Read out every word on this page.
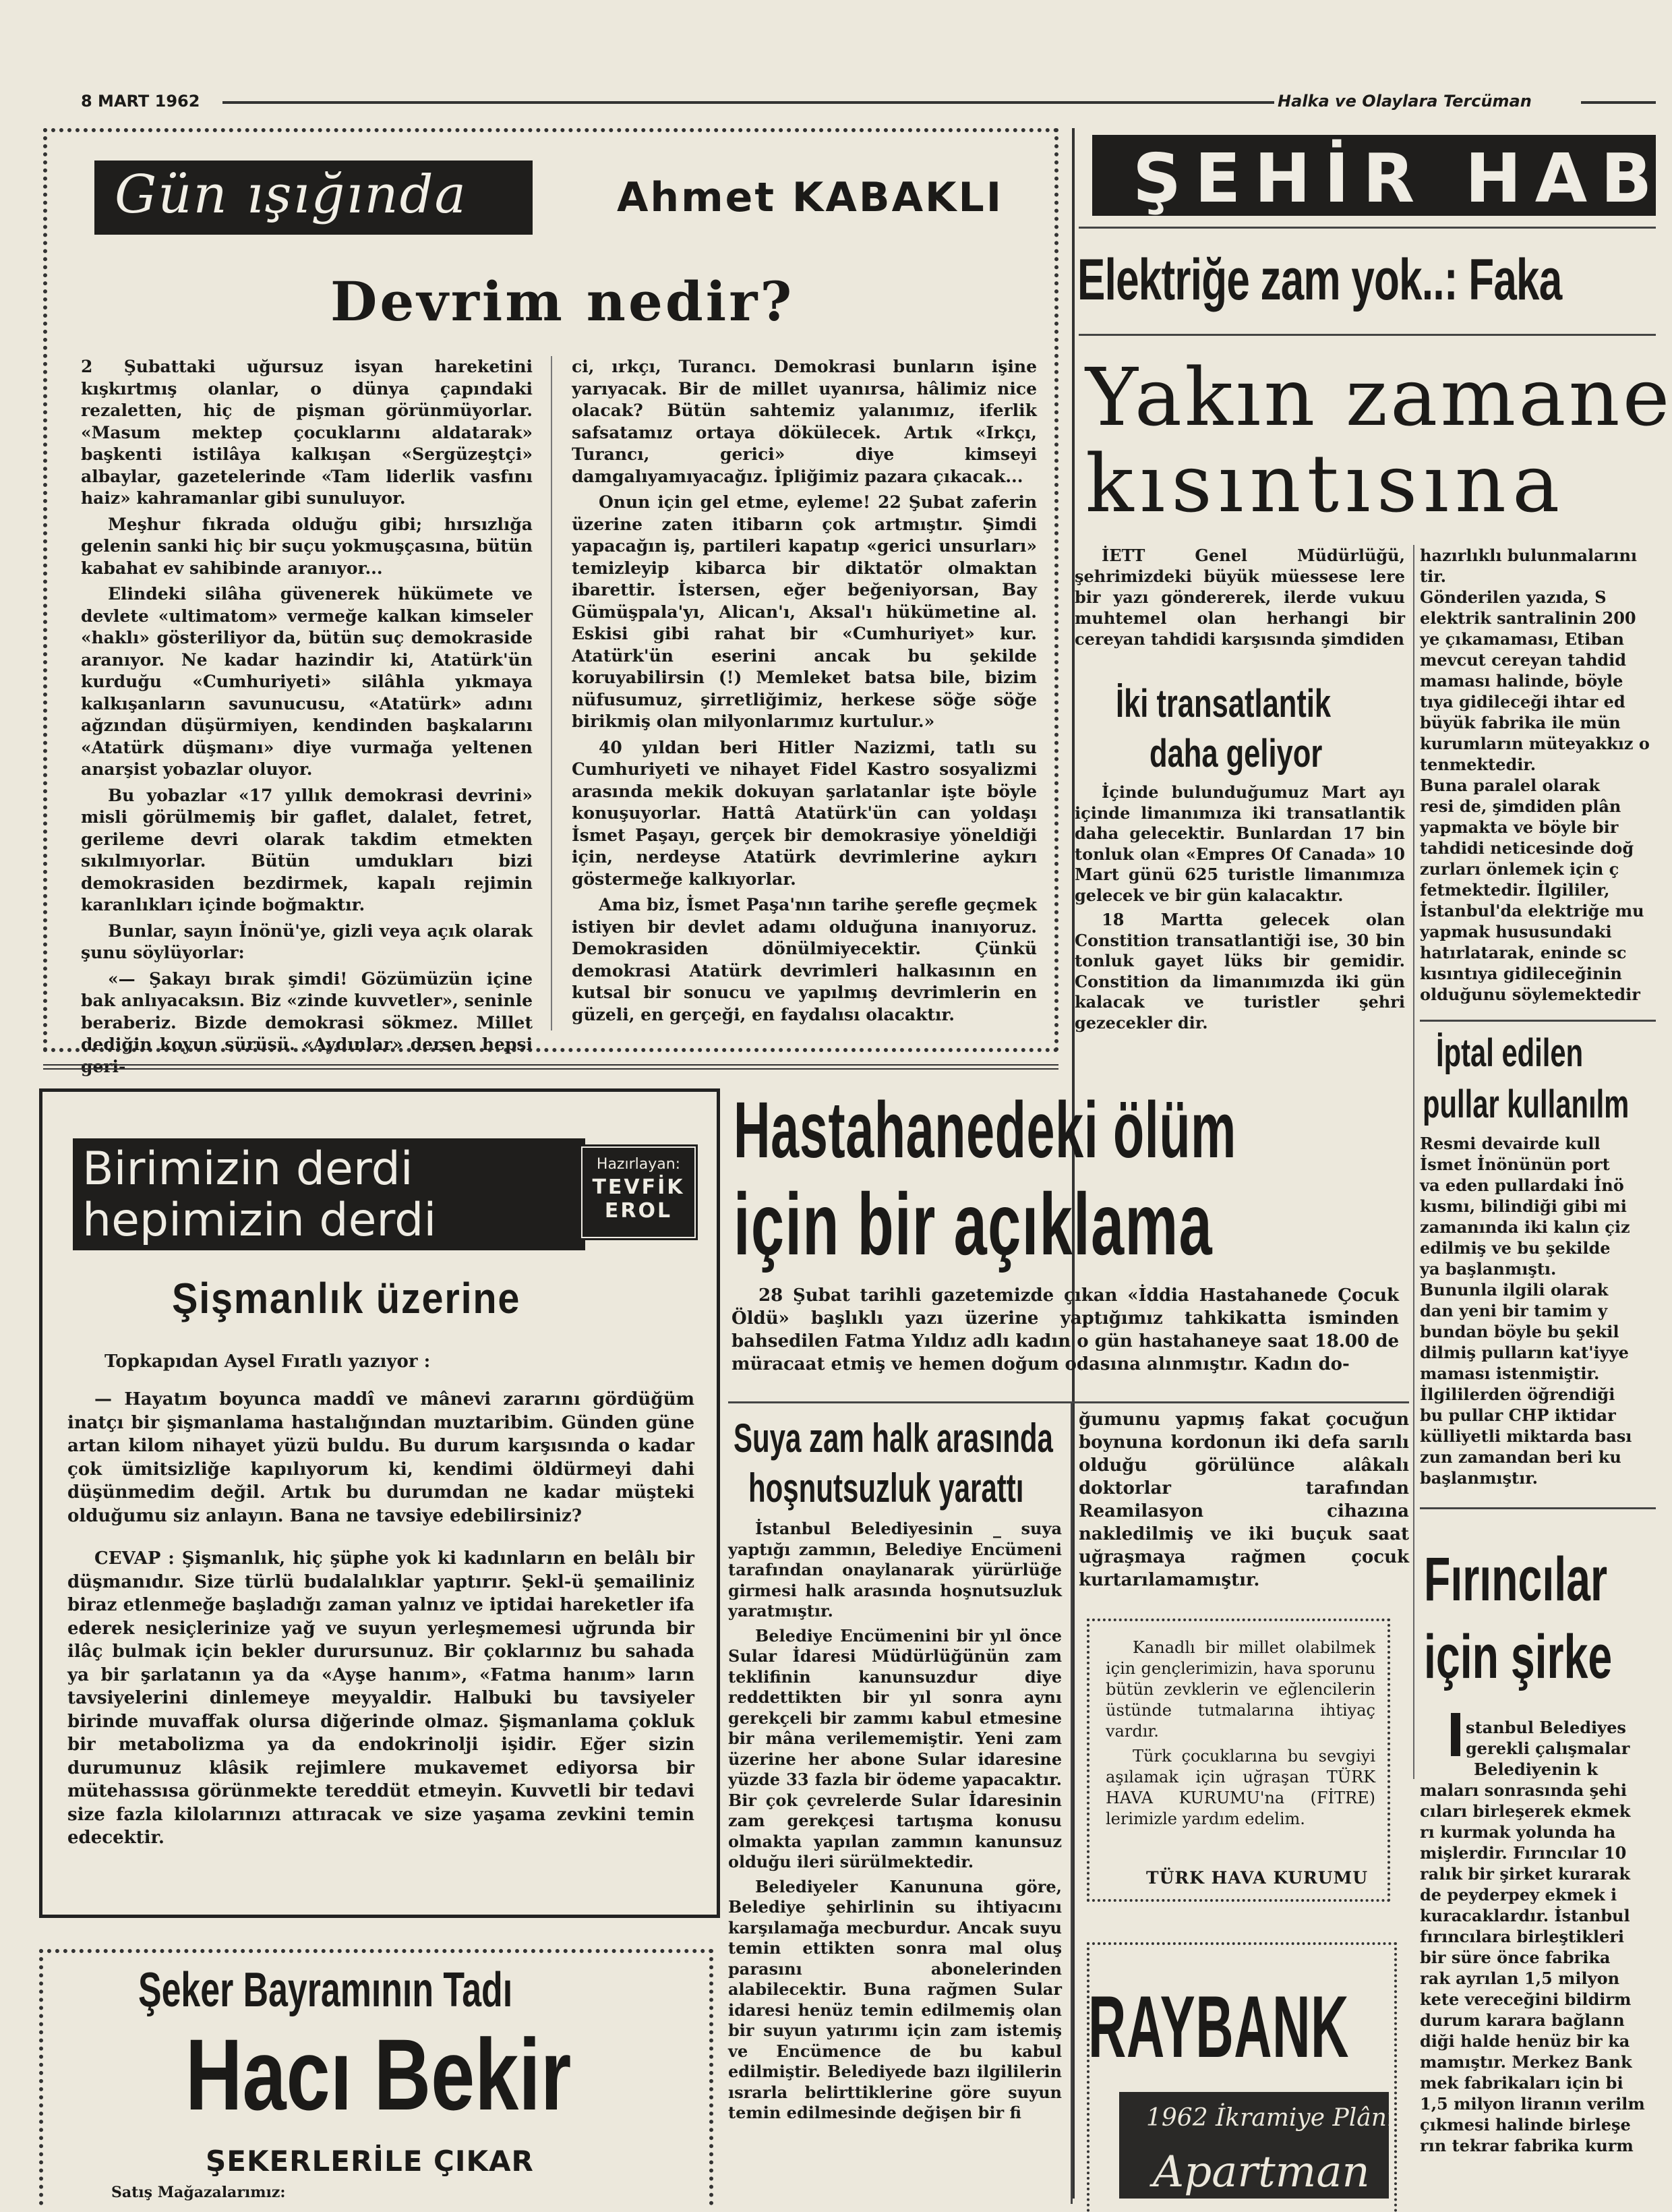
8 MART 1962	Halka ve Olaylara Tercüman
Gün ışığında	Ahmet KABAKLI
Devrim nedir?

2 Şubattaki uğursuz isyan hareketini kışkırtmış olanlar, o dünya çapındaki rezaletten, hiç de pişman görünmüyorlar. «Masum mektep çocuklarını aldatarak» başkenti istilâya kalkışan «Sergüzeştçi» albaylar, gazetelerinde «Tam liderlik vasfını haiz» kahramanlar gibi sunuluyor.

Meşhur fıkrada olduğu gibi; hırsızlığa gelenin sanki hiç bir suçu yokmuşçasına, bütün kabahat ev sahibinde aranıyor...

Elindeki silâha güvenerek hükümete ve devlete «ultimatom» vermeğe kalkan kimseler «haklı» gösteriliyor da, bütün suç demokraside aranıyor. Ne kadar hazindir ki, Atatürk'ün kurduğu «Cumhuriyeti» silâhla yıkmaya kalkışanların savunucusu, «Atatürk» adını ağzından düşürmiyen, kendinden başkalarını «Atatürk düşmanı» diye vurmağa yeltenen anarşist yobazlar oluyor.

Bu yobazlar «17 yıllık demokrasi devrini» misli görülmemiş bir gaflet, dalalet, fetret, gerileme devri olarak takdim etmekten sıkılmıyorlar. Bütün umdukları bizi demokrasiden bezdirmek, kapalı rejimin karanlıkları içinde boğmaktır.

Bunlar, sayın İnönü'ye, gizli veya açık olarak şunu söylüyorlar:

«— Şakayı bırak şimdi! Gözümüzün içine bak anlıyacaksın. Biz «zinde kuvvetler», seninle beraberiz. Bizde demokrasi sökmez. Millet dediğin koyun sürüsü. «Aydınlar» dersen hepsi geri-

ci, ırkçı, Turancı. Demokrasi bunların işine yarıyacak. Bir de millet uyanırsa, hâlimiz nice olacak? Bütün sahtemiz yalanımız, iferlik safsatamız ortaya dökülecek. Artık «Irkçı, Turancı, gerici» diye kimseyi damgalıyamıyacağız. İpliğimiz pazara çıkacak...

Onun için gel etme, eyleme! 22 Şubat zaferin üzerine zaten itibarın çok artmıştır. Şimdi yapacağın iş, partileri kapatıp «gerici unsurları» temizleyip kibarca bir diktatör olmaktan ibarettir. İstersen, eğer beğeniyorsan, Bay Gümüşpala'yı, Alican'ı, Aksal'ı hükümetine al. Eskisi gibi rahat bir «Cumhuriyet» kur. Atatürk'ün eserini ancak bu şekilde koruyabilirsin (!) Memleket batsa bile, bizim nüfusumuz, şirretliğimiz, herkese söğe söğe birikmiş olan milyonlarımız kurtulur.»

40 yıldan beri Hitler Nazizmi, tatlı su Cumhuriyeti ve nihayet Fidel Kastro sosyalizmi arasında mekik dokuyan şarlatanlar işte böyle konuşuyorlar. Hattâ Atatürk'ün can yoldaşı İsmet Paşayı, gerçek bir demokrasiye yöneldiği için, nerdeyse Atatürk devrimlerine aykırı göstermeğe kalkıyorlar.

Ama biz, İsmet Paşa'nın tarihe şerefle geçmek istiyen bir devlet adamı olduğuna inanıyoruz. Demokrasiden dönülmiyecektir. Çünkü demokrasi Atatürk devrimleri halkasının en kutsal bir sonucu ve yapılmış devrimlerin en güzeli, en gerçeği, en faydalısı olacaktır.

ŞEHİR HAB
Elektriğe zam yok..: Faka
Yakın zamane
kısıntısına

İETT Genel Müdürlüğü, şehrimizdeki büyük müessese lere bir yazı göndererek, ilerde vukuu muhtemel olan herhangi bir cereyan tahdidi karşısında şimdiden

hazırlıklı bulunmalarını
tir.
Gönderilen yazıda, S
elektrik santralinin 200
ye çıkamaması, Etiban
mevcut cereyan tahdid
maması halinde, böyle
tıya gidileceği ihtar ed
büyük fabrika ile mün
kurumların müteyakkız o
tenmektedir.
Buna paralel olarak
resi de, şimdiden plân
yapmakta ve böyle bir
tahdidi neticesinde doğ
zurları önlemek için ç
fetmektedir. İlgililer,
İstanbul'da elektriğe mu
yapmak hususundaki
hatırlatarak, eninde sc
kısıntıya gidileceğinin
olduğunu söylemektedir
İki transatlantik
daha geliyor

İçinde bulunduğumuz Mart ayı içinde limanımıza iki transatlantik daha gelecektir. Bunlardan 17 bin tonluk olan «Empres Of Canada» 10 Mart günü 625 turistle limanımıza gelecek ve bir gün kalacaktır.

18 Martta gelecek olan Constition transatlantiği ise, 30 bin tonluk gayet lüks bir gemidir. Constition da limanımızda iki gün kalacak ve turistler şehri gezecekler dir.

İptal edilen
pullar kullanılm
Resmi devairde kull
İsmet İnönünün port
va eden pullardaki İnö
kısmı, bilindiği gibi mi
zamanında iki kalın çiz
edilmiş ve bu şekilde
ya başlanmıştı.
Bununla ilgili olarak
dan yeni bir tamim y
bundan böyle bu şekil
dilmiş pulların kat'iyye
maması istenmiştir.
İlgililerden öğrendiği
bu pullar CHP iktidar
külliyetli miktarda bası
zun zamandan beri ku
başlanmıştır.
Fırıncılar
için şirke
stanbul Belediyes
gerekli çalışmalar
Belediyenin k
maları sonrasında şehi
cıları birleşerek ekmek
rı kurmak yolunda ha
mişlerdir. Fırıncılar 10
ralık bir şirket kurarak
de peyderpey ekmek i
kuracaklardır. İstanbul
fırıncılara birleştikleri
bir süre önce fabrika
rak ayrılan 1,5 milyon
kete vereceğini bildirm
durum karara bağlann
diği halde henüz bir ka
mamıştır. Merkez Bank
mek fabrikaları için bi
1,5 milyon liranın verilm
çıkmesi halinde birleşe
rın tekrar fabrika kurm
Birimizin derdi
hepimizin derdi
Hazırlayan:
TEVFİK
EROL
Şişmanlık üzerine
Topkapıdan Aysel Fıratlı yazıyor :

— Hayatım boyunca maddî ve mânevi zararını gördüğüm inatçı bir şişmanlama hastalığından muztaribim. Günden güne artan kilom nihayet yüzü buldu. Bu durum karşısında o kadar çok ümitsizliğe kapılıyorum ki, kendimi öldürmeyi dahi düşünmedim değil. Artık bu durumdan ne kadar müşteki olduğumu siz anlayın. Bana ne tavsiye edebilirsiniz?

CEVAP : Şişmanlık, hiç şüphe yok ki kadınların en belâlı bir düşmanıdır. Size türlü budalalıklar yaptırır. Şekl-ü şemailiniz biraz etlenmeğe başladığı zaman yalnız ve iptidai hareketler ifa ederek nesiçlerinize yağ ve suyun yerleşmemesi uğrunda bir ilâç bulmak için bekler durursunuz. Bir çoklarınız bu sahada ya bir şarlatanın ya da «Ayşe hanım», «Fatma hanım» ların tavsiyelerini dinlemeye meyyaldir. Halbuki bu tavsiyeler birinde muvaffak olursa diğerinde olmaz. Şişmanlama çokluk bir metabolizma ya da endokrinolji işidir. Eğer sizin durumunuz klâsik rejimlere mukavemet ediyorsa bir mütehassısa görünmekte tereddüt etmeyin. Kuvvetli bir tedavi size fazla kilolarınızı attıracak ve size yaşama zevkini temin edecektir.

Şeker Bayramının Tadı
Hacı Bekir
ŞEKERLERİLE ÇIKAR
Satış Mağazalarımız:
Hastahanedeki ölüm
için bir açıklama

28 Şubat tarihli gazetemizde çıkan «İddia Hastahanede Çocuk Öldü» başlıklı yazı üzerine yaptığımız tahkikatta isminden bahsedilen Fatma Yıldız adlı kadın o gün hastahaneye saat 18.00 de müracaat etmiş ve hemen doğum odasına alınmıştır. Kadın do-

ğumunu yapmış fakat çocuğun boynuna kordonun iki defa sarılı olduğu görülünce alâkalı doktorlar tarafından Reamilasyon cihazına nakledilmiş ve iki buçuk saat uğraşmaya rağmen çocuk kurtarılamamıştır.

Kanadlı bir millet olabilmek için gençlerimizin, hava sporunu bütün zevklerin ve eğlencilerin üstünde tutmalarına ihtiyaç vardır.

Türk çocuklarına bu sevgiyi aşılamak için uğraşan TÜRK HAVA KURUMU'na (FİTRE) lerimizle yardım edelim.

TÜRK HAVA KURUMU
RAYBANK
1962 İkramiye Plânı
Apartman
Suya zam halk arasında
hoşnutsuzluk yarattı

İstanbul Belediyesinin _ suya yaptığı zammın, Belediye Encümeni tarafından onaylanarak yürürlüğe girmesi halk arasında hoşnutsuzluk yaratmıştır.

Belediye Encümenini bir yıl önce Sular İdaresi Müdürlüğünün zam teklifinin kanunsuzdur diye reddettikten bir yıl sonra aynı gerekçeli bir zammı kabul etmesine bir mâna verilememiştir. Yeni zam üzerine her abone Sular idaresine yüzde 33 fazla bir ödeme yapacaktır. Bir çok çevrelerde Sular İdaresinin zam gerekçesi tartışma konusu olmakta yapılan zammın kanunsuz olduğu ileri sürülmektedir.

Belediyeler Kanununa göre, Belediye şehirlinin su ihtiyacını karşılamağa mecburdur. Ancak suyu temin ettikten sonra mal oluş parasını abonelerinden alabilecektir. Buna rağmen Sular idaresi henüz temin edilmemiş olan bir suyun yatırımı için zam istemiş ve Encümence de bu kabul edilmiştir. Belediyede bazı ilgililerin ısrarla belirttiklerine göre suyun temin edilmesinde değişen bir fi
